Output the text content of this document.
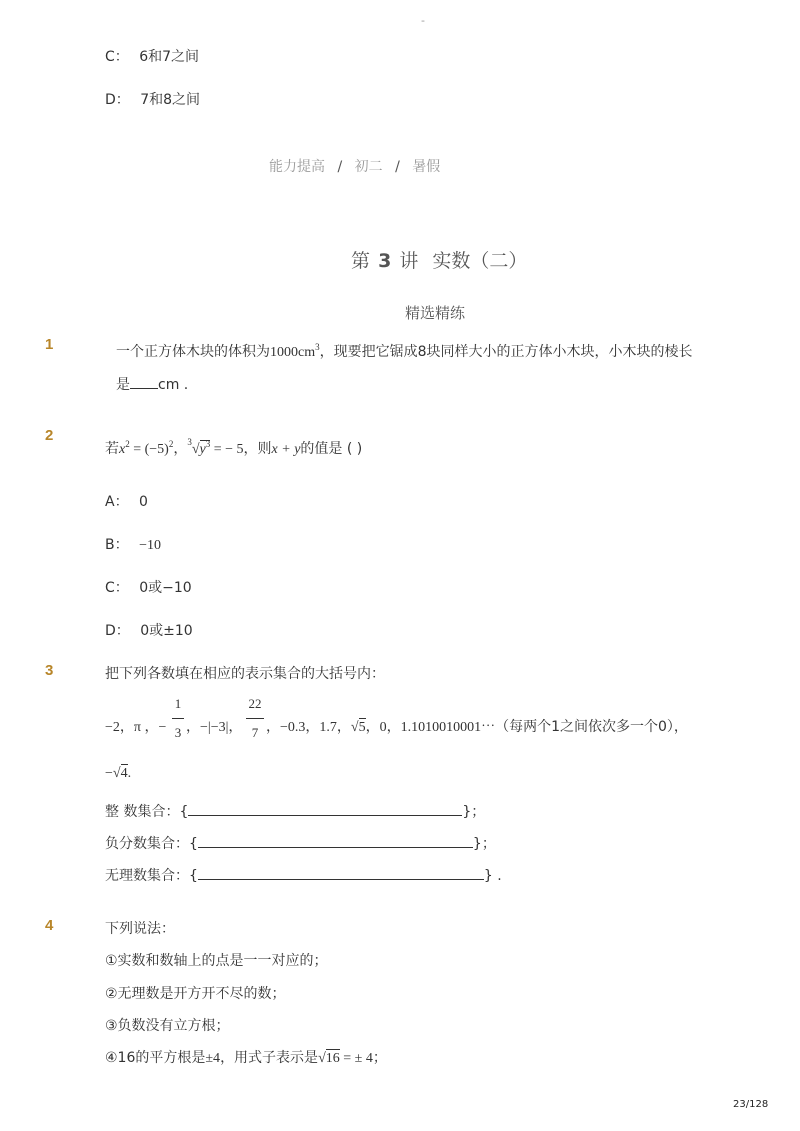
-
C： 6和7之间
D： 7和8之间
能力提高 / 初二 / 暑假
第 3 讲 实数（二）
精选精练
1	一个正方体木块的体积为$1000cm^3$，现要把它锯成8块同样大小的正方体小木块，小木块的棱长
是 cm .
2
若$x^2 = (-5)^2$，$^3√y^3$ = − 5，则x + y的值是 ( )
A： 0
B： −10
C： 0或−10
D： 0或±10
3	把下列各数填在相应的表示集合的大括号内：
−2，π ，−
1
3 ，−|−3|，
22
7 ，−0.3，1.7，√5，0，1.1010010001⋯（每两个1之间依次多一个0），
−√4.
整 数集合：{	}；
负分数集合：{	}；
无理数集合：{	} .
4	下列说法：
①实数和数轴上的点是一一对应的；
②无理数是开方开不尽的数；
③负数没有立方根；
④16的平方根是±4，用式子表示是√16 = ± 4；
23/128
